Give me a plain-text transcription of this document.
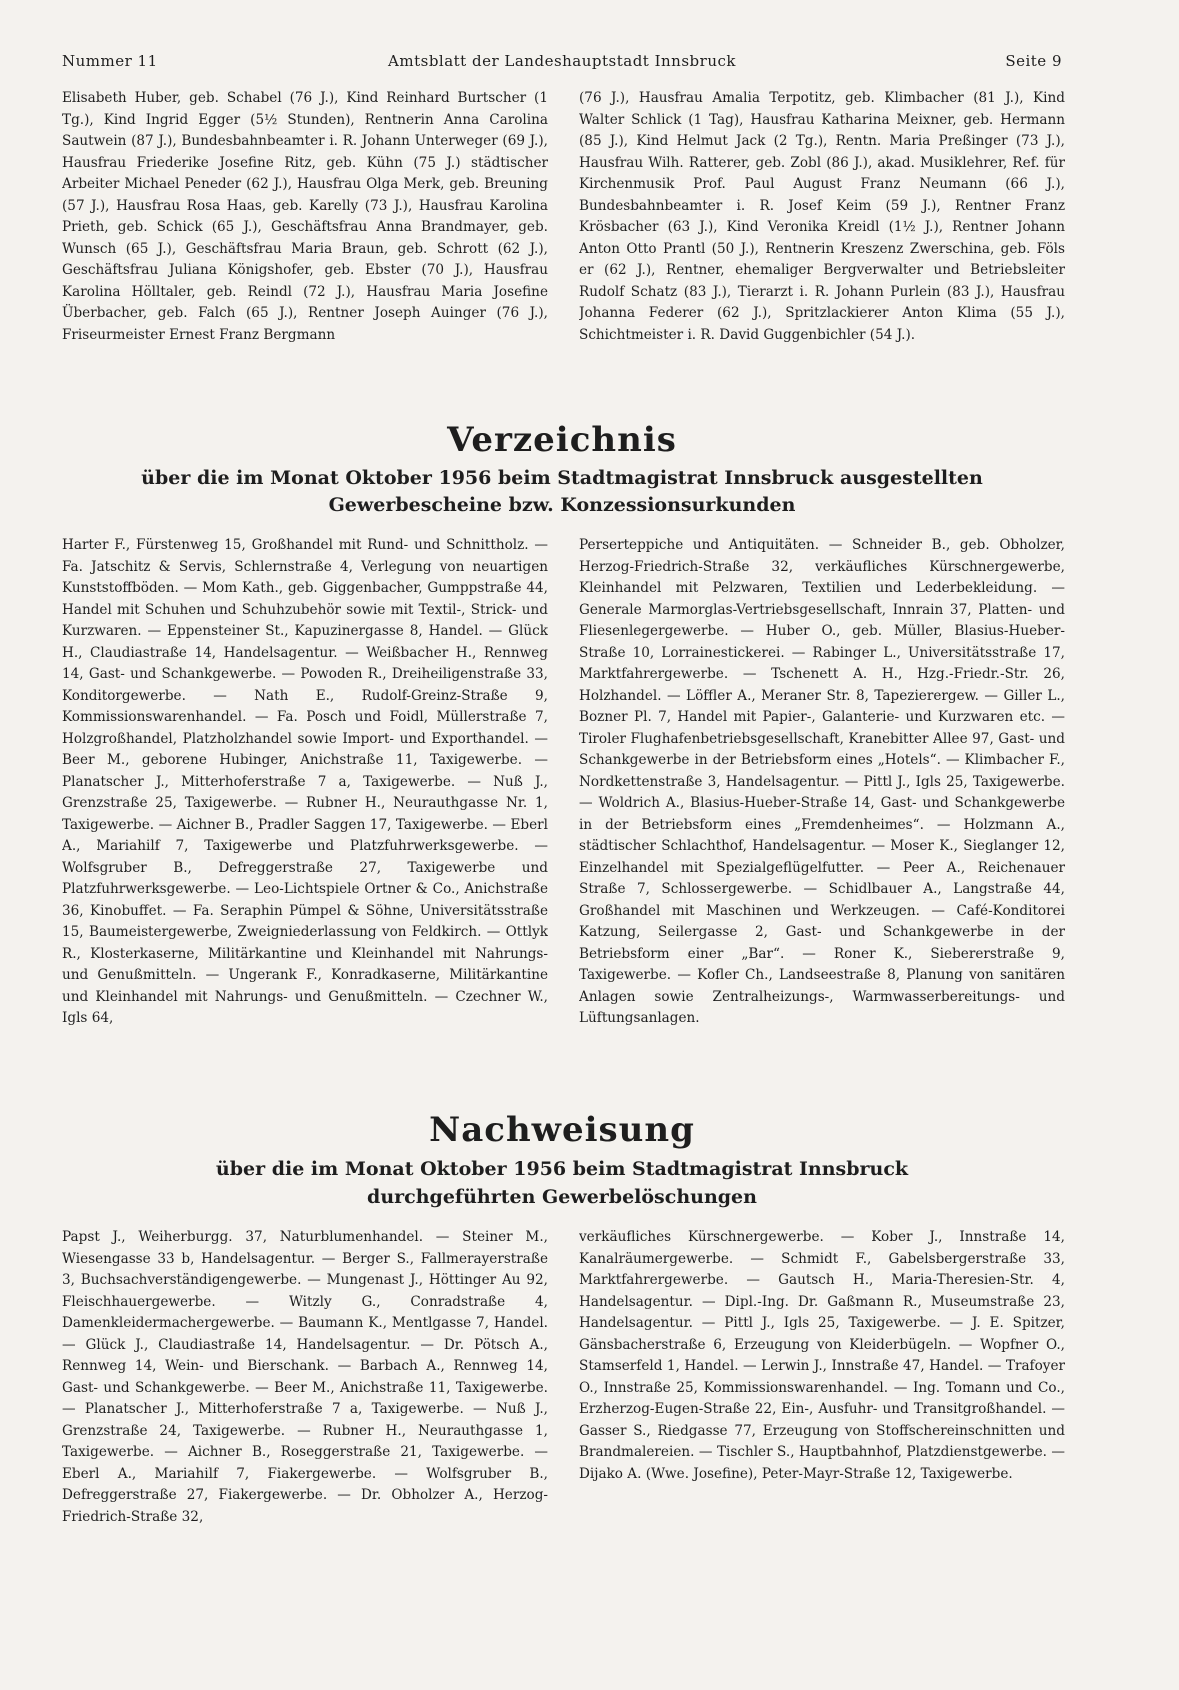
Nummer 11	Amtsblatt der Landeshauptstadt Innsbruck	Seite 9

Elisabeth Huber, geb. Schabel (76 J.), Kind Reinhard Burtscher (1 Tg.), Kind Ingrid Egger (5½ Stunden), Rentnerin Anna Carolina Sautwein (87 J.), Bundesbahnbeamter i. R. Johann Unterweger (69 J.), Hausfrau Friederike Josefine Ritz, geb. Kühn (75 J.) städtischer Arbeiter Michael Peneder (62 J.), Hausfrau Olga Merk, geb. Breuning (57 J.), Hausfrau Rosa Haas, geb. Karelly (73 J.), Hausfrau Karolina Prieth, geb. Schick (65 J.), Geschäftsfrau Anna Brandmayer, geb. Wunsch (65 J.), Geschäftsfrau Maria Braun, geb. Schrott (62 J.), Geschäftsfrau Juliana Königshofer, geb. Ebster (70 J.), Hausfrau Karolina Hölltaler, geb. Reindl (72 J.), Hausfrau Maria Josefine Überbacher, geb. Falch (65 J.), Rentner Joseph Auinger (76 J.), Friseurmeister Ernest Franz Bergmann

(76 J.), Hausfrau Amalia Terpotitz, geb. Klimbacher (81 J.), Kind Walter Schlick (1 Tag), Hausfrau Katharina Meixner, geb. Hermann (85 J.), Kind Helmut Jack (2 Tg.), Rentn. Maria Preßinger (73 J.), Hausfrau Wilh. Ratterer, geb. Zobl (86 J.), akad. Musiklehrer, Ref. für Kirchenmusik Prof. Paul August Franz Neumann (66 J.), Bundesbahnbeamter i. R. Josef Keim (59 J.), Rentner Franz Krösbacher (63 J.), Kind Veronika Kreidl (1½ J.), Rentner Johann Anton Otto Prantl (50 J.), Rentnerin Kreszenz Zwerschina, geb. Föls er (62 J.), Rentner, ehemaliger Bergverwalter und Betriebsleiter Rudolf Schatz (83 J.), Tierarzt i. R. Johann Purlein (83 J.), Hausfrau Johanna Federer (62 J.), Spritzlackierer Anton Klima (55 J.), Schichtmeister i. R. David Guggenbichler (54 J.).

Verzeichnis
über die im Monat Oktober 1956 beim Stadtmagistrat Innsbruck ausgestellten
Gewerbescheine bzw. Konzessionsurkunden

Harter F., Fürstenweg 15, Großhandel mit Rund- und Schnittholz. — Fa. Jatschitz & Servis, Schlernstraße 4, Verlegung von neuartigen Kunststoffböden. — Mom Kath., geb. Giggenbacher, Gumppstraße 44, Handel mit Schuhen und Schuhzubehör sowie mit Textil-, Strick- und Kurzwaren. — Eppensteiner St., Kapuzinergasse 8, Handel. — Glück H., Claudiastraße 14, Handelsagentur. — Weißbacher H., Rennweg 14, Gast- und Schankgewerbe. — Powoden R., Dreiheiligenstraße 33, Konditorgewerbe. — Nath E., Rudolf-Greinz-Straße 9, Kommissionswarenhandel. — Fa. Posch und Foidl, Müllerstraße 7, Holzgroßhandel, Platzholzhandel sowie Import- und Exporthandel. — Beer M., geborene Hubinger, Anichstraße 11, Taxigewerbe. — Planatscher J., Mitterhoferstraße 7 a, Taxigewerbe. — Nuß J., Grenzstraße 25, Taxigewerbe. — Rubner H., Neurauthgasse Nr. 1, Taxigewerbe. — Aichner B., Pradler Saggen 17, Taxigewerbe. — Eberl A., Mariahilf 7, Taxigewerbe und Platzfuhrwerksgewerbe. — Wolfsgruber B., Defreggerstraße 27, Taxigewerbe und Platzfuhrwerksgewerbe. — Leo-Lichtspiele Ortner & Co., Anichstraße 36, Kinobuffet. — Fa. Seraphin Pümpel & Söhne, Universitätsstraße 15, Baumeistergewerbe, Zweigniederlassung von Feldkirch. — Ottlyk R., Klosterkaserne, Militärkantine und Kleinhandel mit Nahrungs- und Genußmitteln. — Ungerank F., Konradkaserne, Militärkantine und Kleinhandel mit Nahrungs- und Genußmitteln. — Czechner W., Igls 64,

Perserteppiche und Antiquitäten. — Schneider B., geb. Obholzer, Herzog-Friedrich-Straße 32, verkäufliches Kürschnergewerbe, Kleinhandel mit Pelzwaren, Textilien und Lederbekleidung. — Generale Marmorglas-Vertriebsgesellschaft, Innrain 37, Platten- und Fliesenlegergewerbe. — Huber O., geb. Müller, Blasius-Hueber-Straße 10, Lorrainestickerei. — Rabinger L., Universitätsstraße 17, Marktfahrergewerbe. — Tschenett A. H., Hzg.-Friedr.-Str. 26, Holzhandel. — Löffler A., Meraner Str. 8, Tapezierergew. — Giller L., Bozner Pl. 7, Handel mit Papier-, Galanterie- und Kurzwaren etc. — Tiroler Flughafenbetriebsgesellschaft, Kranebitter Allee 97, Gast- und Schankgewerbe in der Betriebsform eines „Hotels“. — Klimbacher F., Nordkettenstraße 3, Handelsagentur. — Pittl J., Igls 25, Taxigewerbe. — Woldrich A., Blasius-Hueber-Straße 14, Gast- und Schankgewerbe in der Betriebsform eines „Fremdenheimes“. — Holzmann A., städtischer Schlachthof, Handelsagentur. — Moser K., Sieglanger 12, Einzelhandel mit Spezialgeflügelfutter. — Peer A., Reichenauer Straße 7, Schlossergewerbe. — Schidlbauer A., Langstraße 44, Großhandel mit Maschinen und Werkzeugen. — Café-Konditorei Katzung, Seilergasse 2, Gast- und Schankgewerbe in der Betriebsform einer „Bar“. — Roner K., Siebererstraße 9, Taxigewerbe. — Kofler Ch., Landseestraße 8, Planung von sanitären Anlagen sowie Zentralheizungs-, Warmwasserbereitungs- und Lüftungsanlagen.

Nachweisung
über die im Monat Oktober 1956 beim Stadtmagistrat Innsbruck
durchgeführten Gewerbelöschungen

Papst J., Weiherburgg. 37, Naturblumenhandel. — Steiner M., Wiesengasse 33 b, Handelsagentur. — Berger S., Fallmerayerstraße 3, Buchsachverständigengewerbe. — Mungenast J., Höttinger Au 92, Fleischhauergewerbe. — Witzly G., Conradstraße 4, Damenkleidermachergewerbe. — Baumann K., Mentlgasse 7, Handel. — Glück J., Claudiastraße 14, Handelsagentur. — Dr. Pötsch A., Rennweg 14, Wein- und Bierschank. — Barbach A., Rennweg 14, Gast- und Schankgewerbe. — Beer M., Anichstraße 11, Taxigewerbe. — Planatscher J., Mitterhoferstraße 7 a, Taxigewerbe. — Nuß J., Grenzstraße 24, Taxigewerbe. — Rubner H., Neurauthgasse 1, Taxigewerbe. — Aichner B., Roseggerstraße 21, Taxigewerbe. — Eberl A., Mariahilf 7, Fiakergewerbe. — Wolfsgruber B., Defreggerstraße 27, Fiakergewerbe. — Dr. Obholzer A., Herzog-Friedrich-Straße 32,

verkäufliches Kürschnergewerbe. — Kober J., Innstraße 14, Kanalräumergewerbe. — Schmidt F., Gabelsbergerstraße 33, Marktfahrergewerbe. — Gautsch H., Maria-Theresien-Str. 4, Handelsagentur. — Dipl.-Ing. Dr. Gaßmann R., Museumstraße 23, Handelsagentur. — Pittl J., Igls 25, Taxigewerbe. — J. E. Spitzer, Gänsbacherstraße 6, Erzeugung von Kleiderbügeln. — Wopfner O., Stamserfeld 1, Handel. — Lerwin J., Innstraße 47, Handel. — Trafoyer O., Innstraße 25, Kommissionswarenhandel. — Ing. Tomann und Co., Erzherzog-Eugen-Straße 22, Ein-, Ausfuhr- und Transitgroßhandel. — Gasser S., Riedgasse 77, Erzeugung von Stoffschereinschnitten und Brandmalereien. — Tischler S., Hauptbahnhof, Platzdienstgewerbe. — Dijako A. (Wwe. Josefine), Peter-Mayr-Straße 12, Taxigewerbe.
